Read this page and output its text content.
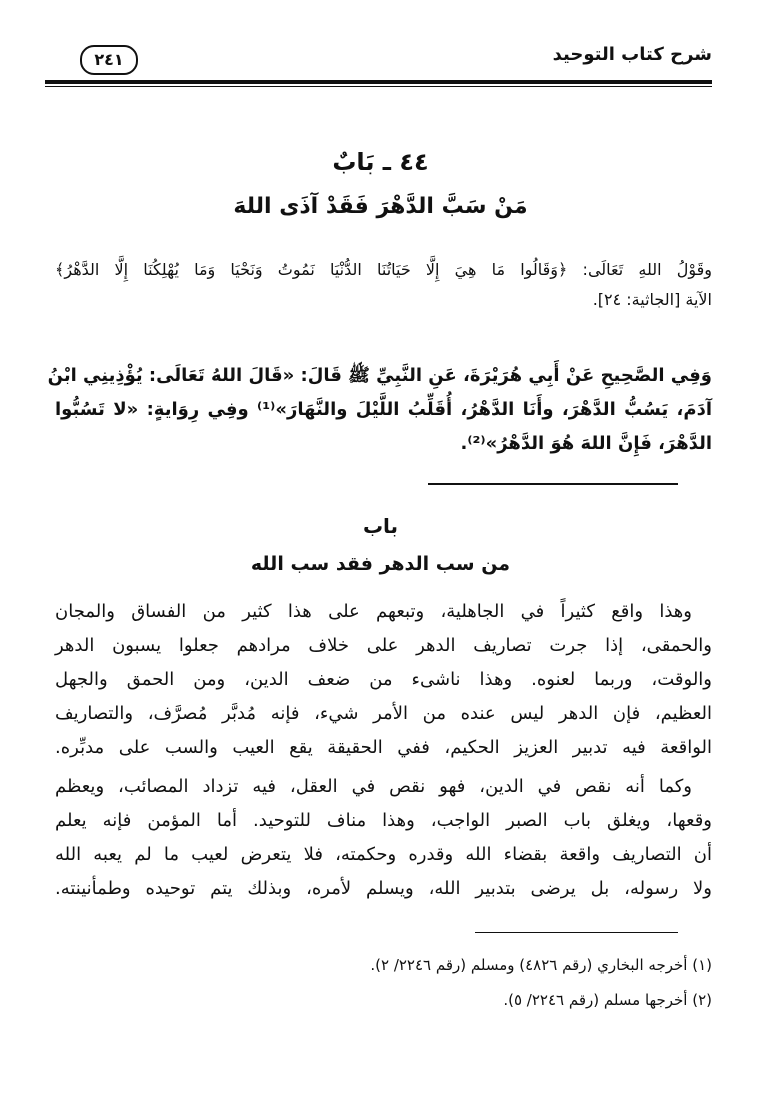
شرح كتاب التوحيد
٢٤١
٤٤ ـ بَابٌ
مَنْ سَبَّ الدَّهْرَ فَقَدْ آذَى اللهَ
وقَوْلُ اللهِ تَعَالَى: ﴿وَقَالُوا مَا هِيَ إِلَّا حَيَاتُنَا الدُّنْيَا نَمُوتُ وَنَحْيَا وَمَا يُهْلِكُنَا إِلَّا الدَّهْرُ﴾
الآية [الجاثية: ٢٤].
وَفِي الصَّحِيحِ عَنْ أَبِي هُرَيْرَةَ، عَنِ النَّبِيِّ ﷺ قَالَ: «قَالَ اللهُ تَعَالَى: يُؤْذِينِي ابْنُ
آدَمَ، يَسُبُّ الدَّهْرَ، وأَنَا الدَّهْرُ، أُقَلِّبُ اللَّيْلَ والنَّهَارَ»⁽¹⁾ وفِي رِوَايةٍ: «لا تَسُبُّوا
الدَّهْرَ، فَإِنَّ اللهَ هُوَ الدَّهْرُ»⁽²⁾.
باب
من سب الدهر فقد سب الله
وهذا واقع كثيراً في الجاهلية، وتبعهم على هذا كثير من الفساق والمجان
والحمقى، إذا جرت تصاريف الدهر على خلاف مرادهم جعلوا يسبون الدهر
والوقت، وربما لعنوه. وهذا ناشىء من ضعف الدين، ومن الحمق والجهل
العظيم، فإن الدهر ليس عنده من الأمر شيء، فإنه مُدبَّر مُصرَّف، والتصاريف
الواقعة فيه تدبير العزيز الحكيم، ففي الحقيقة يقع العيب والسب على مدبِّره.
وكما أنه نقص في الدين، فهو نقص في العقل، فيه تزداد المصائب، ويعظم
وقعها، ويغلق باب الصبر الواجب، وهذا مناف للتوحيد. أما المؤمن فإنه يعلم
أن التصاريف واقعة بقضاء الله وقدره وحكمته، فلا يتعرض لعيب ما لم يعبه الله
ولا رسوله، بل يرضى بتدبير الله، ويسلم لأمره، وبذلك يتم توحيده وطمأنينته.
(١) أخرجه البخاري (رقم ٤٨٢٦) ومسلم (رقم ٢٢٤٦/ ٢).
(٢) أخرجها مسلم (رقم ٢٢٤٦/ ٥).
